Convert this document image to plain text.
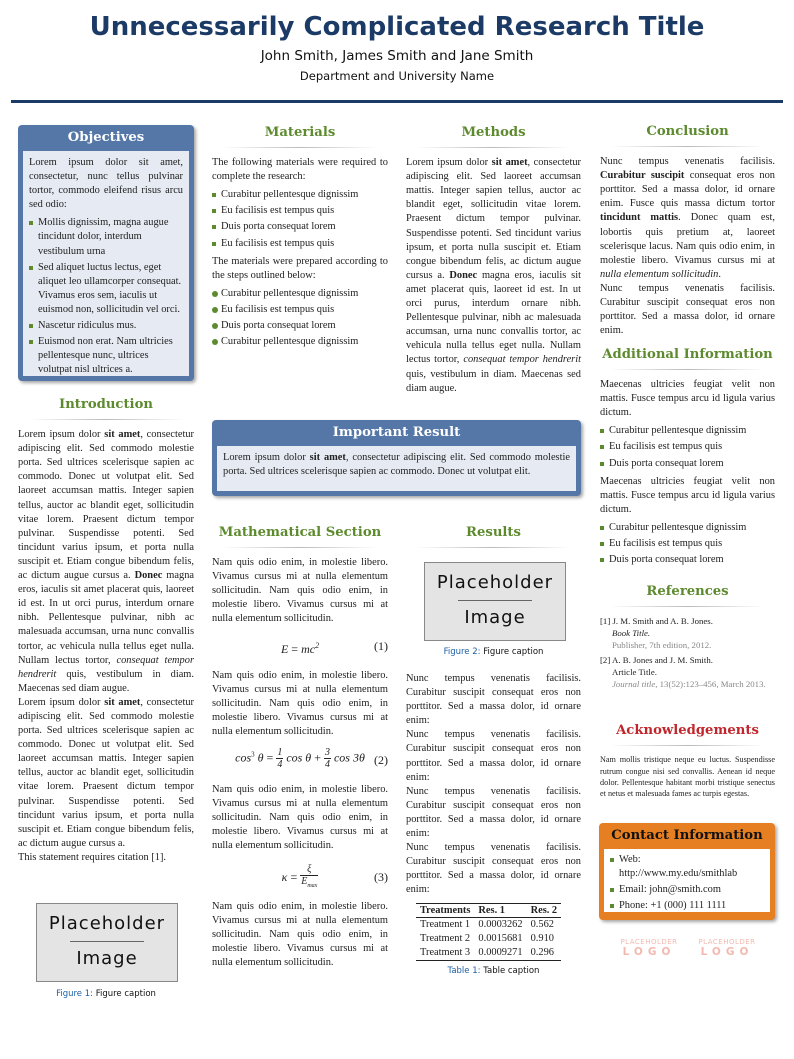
Unnecessarily Complicated Research Title
John Smith, James Smith and Jane Smith
Department and University Name
Objectives

Lorem ipsum dolor sit amet, consectetur, nunc tellus pulvinar tortor, commodo eleifend risus arcu sed odio:

Mollis dignissim, magna augue tincidunt dolor, interdum vestibulum urna
Sed aliquet luctus lectus, eget aliquet leo ullamcorper consequat. Vivamus eros sem, iaculis ut euismod non, sollicitudin vel orci.
Nascetur ridiculus mus.
Euismod non erat. Nam ultricies pellentesque nunc, ultrices volutpat nisl ultrices a.
Introduction

Lorem ipsum dolor sit amet, consectetur adipiscing elit. Sed commodo molestie porta. Sed ultrices scelerisque sapien ac commodo. Donec ut volutpat elit. Sed laoreet accumsan mattis. Integer sapien tellus, auctor ac blandit eget, sollicitudin vitae lorem. Praesent dictum tempor pulvinar. Suspendisse potenti. Sed tincidunt varius ipsum, et porta nulla suscipit et. Etiam congue bibendum felis, ac dictum augue cursus a. Donec magna eros, iaculis sit amet placerat quis, laoreet id est. In ut orci purus, interdum ornare nibh. Pellentesque pulvinar, nibh ac malesuada accumsan, urna nunc convallis tortor, ac vehicula nulla tellus eget nulla. Nullam lectus tortor, consequat tempor hendrerit quis, vestibulum in diam. Maecenas sed diam augue.

Lorem ipsum dolor sit amet, consectetur adipiscing elit. Sed commodo molestie porta. Sed ultrices scelerisque sapien ac commodo. Donec ut volutpat elit. Sed laoreet accumsan mattis. Integer sapien tellus, auctor ac blandit eget, sollicitudin vitae lorem. Praesent dictum tempor pulvinar. Suspendisse potenti. Sed tincidunt varius ipsum, et porta nulla suscipit et. Etiam congue bibendum felis, ac dictum augue cursus a.

This statement requires citation [1].

Placeholder
Image
Figure 1: Figure caption
Materials

The following materials were required to complete the research:

Curabitur pellentesque dignissim
Eu facilisis est tempus quis
Duis porta consequat lorem
Eu facilisis est tempus quis

The materials were prepared according to the steps outlined below:

Curabitur pellentesque dignissim
Eu facilisis est tempus quis
Duis porta consequat lorem
Curabitur pellentesque dignissim
Methods

Lorem ipsum dolor sit amet, consectetur adipiscing elit. Sed laoreet accumsan mattis. Integer sapien tellus, auctor ac blandit eget, sollicitudin vitae lorem. Praesent dictum tempor pulvinar. Suspendisse potenti. Sed tincidunt varius ipsum, et porta nulla suscipit et. Etiam congue bibendum felis, ac dictum augue cursus a. Donec magna eros, iaculis sit amet placerat quis, laoreet id est. In ut orci purus, interdum ornare nibh. Pellentesque pulvinar, nibh ac malesuada accumsan, urna nunc convallis tortor, ac vehicula nulla tellus eget nulla. Nullam lectus tortor, consequat tempor hendrerit quis, vestibulum in diam. Maecenas sed diam augue.

Important Result
Lorem ipsum dolor sit amet, consectetur adipiscing elit. Sed commodo molestie porta. Sed ultrices scelerisque sapien ac commodo. Donec ut volutpat elit.
Mathematical Section

Nam quis odio enim, in molestie libero. Vivamus cursus mi at nulla elementum sollicitudin. Nam quis odio enim, in molestie libero. Vivamus cursus mi at nulla elementum sollicitudin.

$E = mc^2$	(1)

Nam quis odio enim, in molestie libero. Vivamus cursus mi at nulla elementum sollicitudin. Nam quis odio enim, in molestie libero. Vivamus cursus mi at nulla elementum sollicitudin.

$\cos^3 \theta = \frac{1}{4}$ $\cos \theta + \frac{3}{4}$ cos 3θ (2)

Nam quis odio enim, in molestie libero. Vivamus cursus mi at nulla elementum sollicitudin. Nam quis odio enim, in molestie libero. Vivamus cursus mi at nulla elementum sollicitudin.

$\kappa = \frac{\xi}{E_{max}}$	(3)

Nam quis odio enim, in molestie libero. Vivamus cursus mi at nulla elementum sollicitudin. Nam quis odio enim, in molestie libero. Vivamus cursus mi at nulla elementum sollicitudin.

Results
Placeholder
Image
Figure 2: Figure caption

Nunc tempus venenatis facilisis. Curabitur suscipit consequat eros non porttitor. Sed a massa dolor, id ornare enim:

Nunc tempus venenatis facilisis. Curabitur suscipit consequat eros non porttitor. Sed a massa dolor, id ornare enim:

Nunc tempus venenatis facilisis. Curabitur suscipit consequat eros non porttitor. Sed a massa dolor, id ornare enim:

Nunc tempus venenatis facilisis. Curabitur suscipit consequat eros non porttitor. Sed a massa dolor, id ornare enim:

Treatments	Res. 1	Res. 2
Treatment 1	0.0003262	0.562
Treatment 2	0.0015681	0.910
Treatment 3	0.0009271	0.296
Table 1: Table caption
Conclusion

Nunc tempus venenatis facilisis. Curabitur suscipit consequat eros non porttitor. Sed a massa dolor, id ornare enim. Fusce quis massa dictum tortor tincidunt mattis. Donec quam est, lobortis quis pretium at, laoreet scelerisque lacus. Nam quis odio enim, in molestie libero. Vivamus cursus mi at nulla elementum sollicitudin.

Nunc tempus venenatis facilisis. Curabitur suscipit consequat eros non porttitor. Sed a massa dolor, id ornare enim.

Additional Information

Maecenas ultricies feugiat velit non mattis. Fusce tempus arcu id ligula varius dictum.

Curabitur pellentesque dignissim
Eu facilisis est tempus quis
Duis porta consequat lorem

Maecenas ultricies feugiat velit non mattis. Fusce tempus arcu id ligula varius dictum.

Curabitur pellentesque dignissim
Eu facilisis est tempus quis
Duis porta consequat lorem
References
[1] J. M. Smith and A. B. Jones.
Book Title.
Publisher, 7th edition, 2012.
[2] A. B. Jones and J. M. Smith.
Article Title.
Journal title, 13(52):123–456, March 2013.
Acknowledgements

Nam mollis tristique neque eu luctus. Suspendisse rutrum congue nisi sed convallis. Aenean id neque dolor. Pellentesque habitant morbi tristique senectus et netus et malesuada fames ac turpis egestas.

Contact Information
Web:
http://www.my.edu/smithlab
Email: john@smith.com
Phone: +1 (000) 111 1111
PLACEHOLDER
LOGO
PLACEHOLDER
LOGO
